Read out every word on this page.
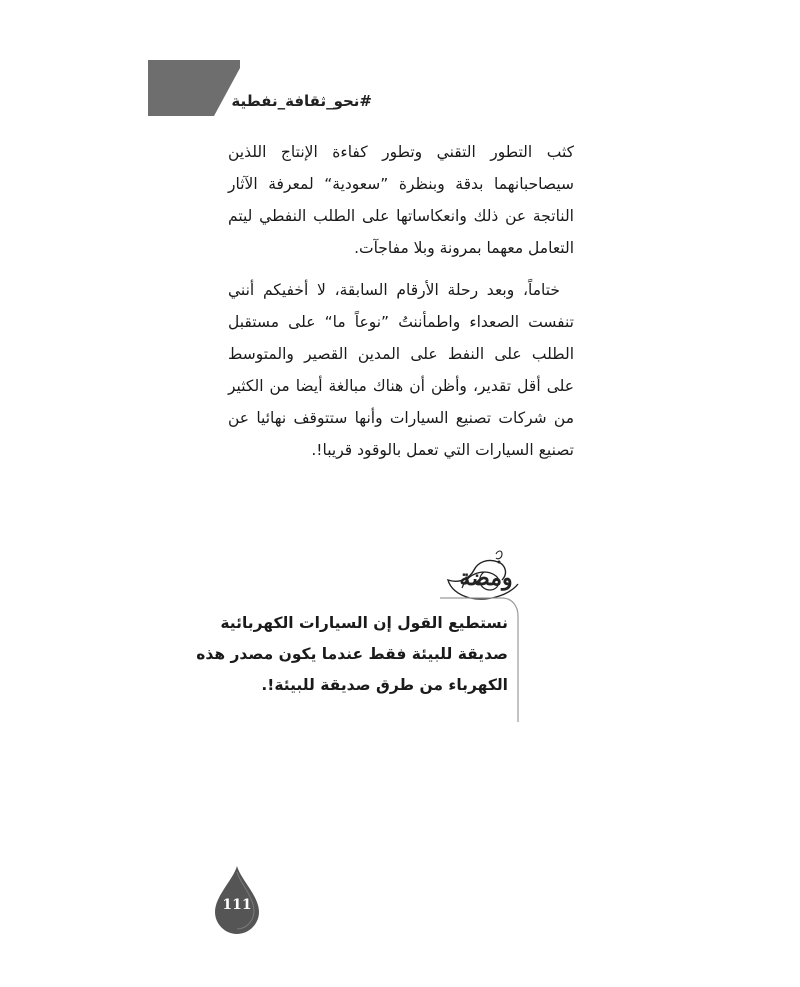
#نحو_ثقافة_نفطية

كثب التطور التقني وتطور كفاءة الإنتاج اللذين سيصاحبانهما بدقة وبنظرة ”سعودية“ لمعرفة الآثار الناتجة عن ذلك وانعكاساتها على الطلب النفطي ليتم التعامل معهما بمرونة وبلا مفاجآت.

ختاماً، وبعد رحلة الأرقام السابقة، لا أخفيكم أنني تنفست الصعداء واطمأننتُ ”نوعاً ما“ على مستقبل الطلب على النفط على المدين القصير والمتوسط على أقل تقدير، وأظن أن هناك مبالغة أيضا من الكثير من شركات تصنيع السيارات وأنها ستتوقف نهائيا عن تصنيع السيارات التي تعمل بالوقود قريبا!.

ومضة
نستطيع القول إن السيارات الكهربائية
صديقة للبيئة فقط عندما يكون مصدر هذه
الكهرباء من طرق صديقة للبيئة!.
111
